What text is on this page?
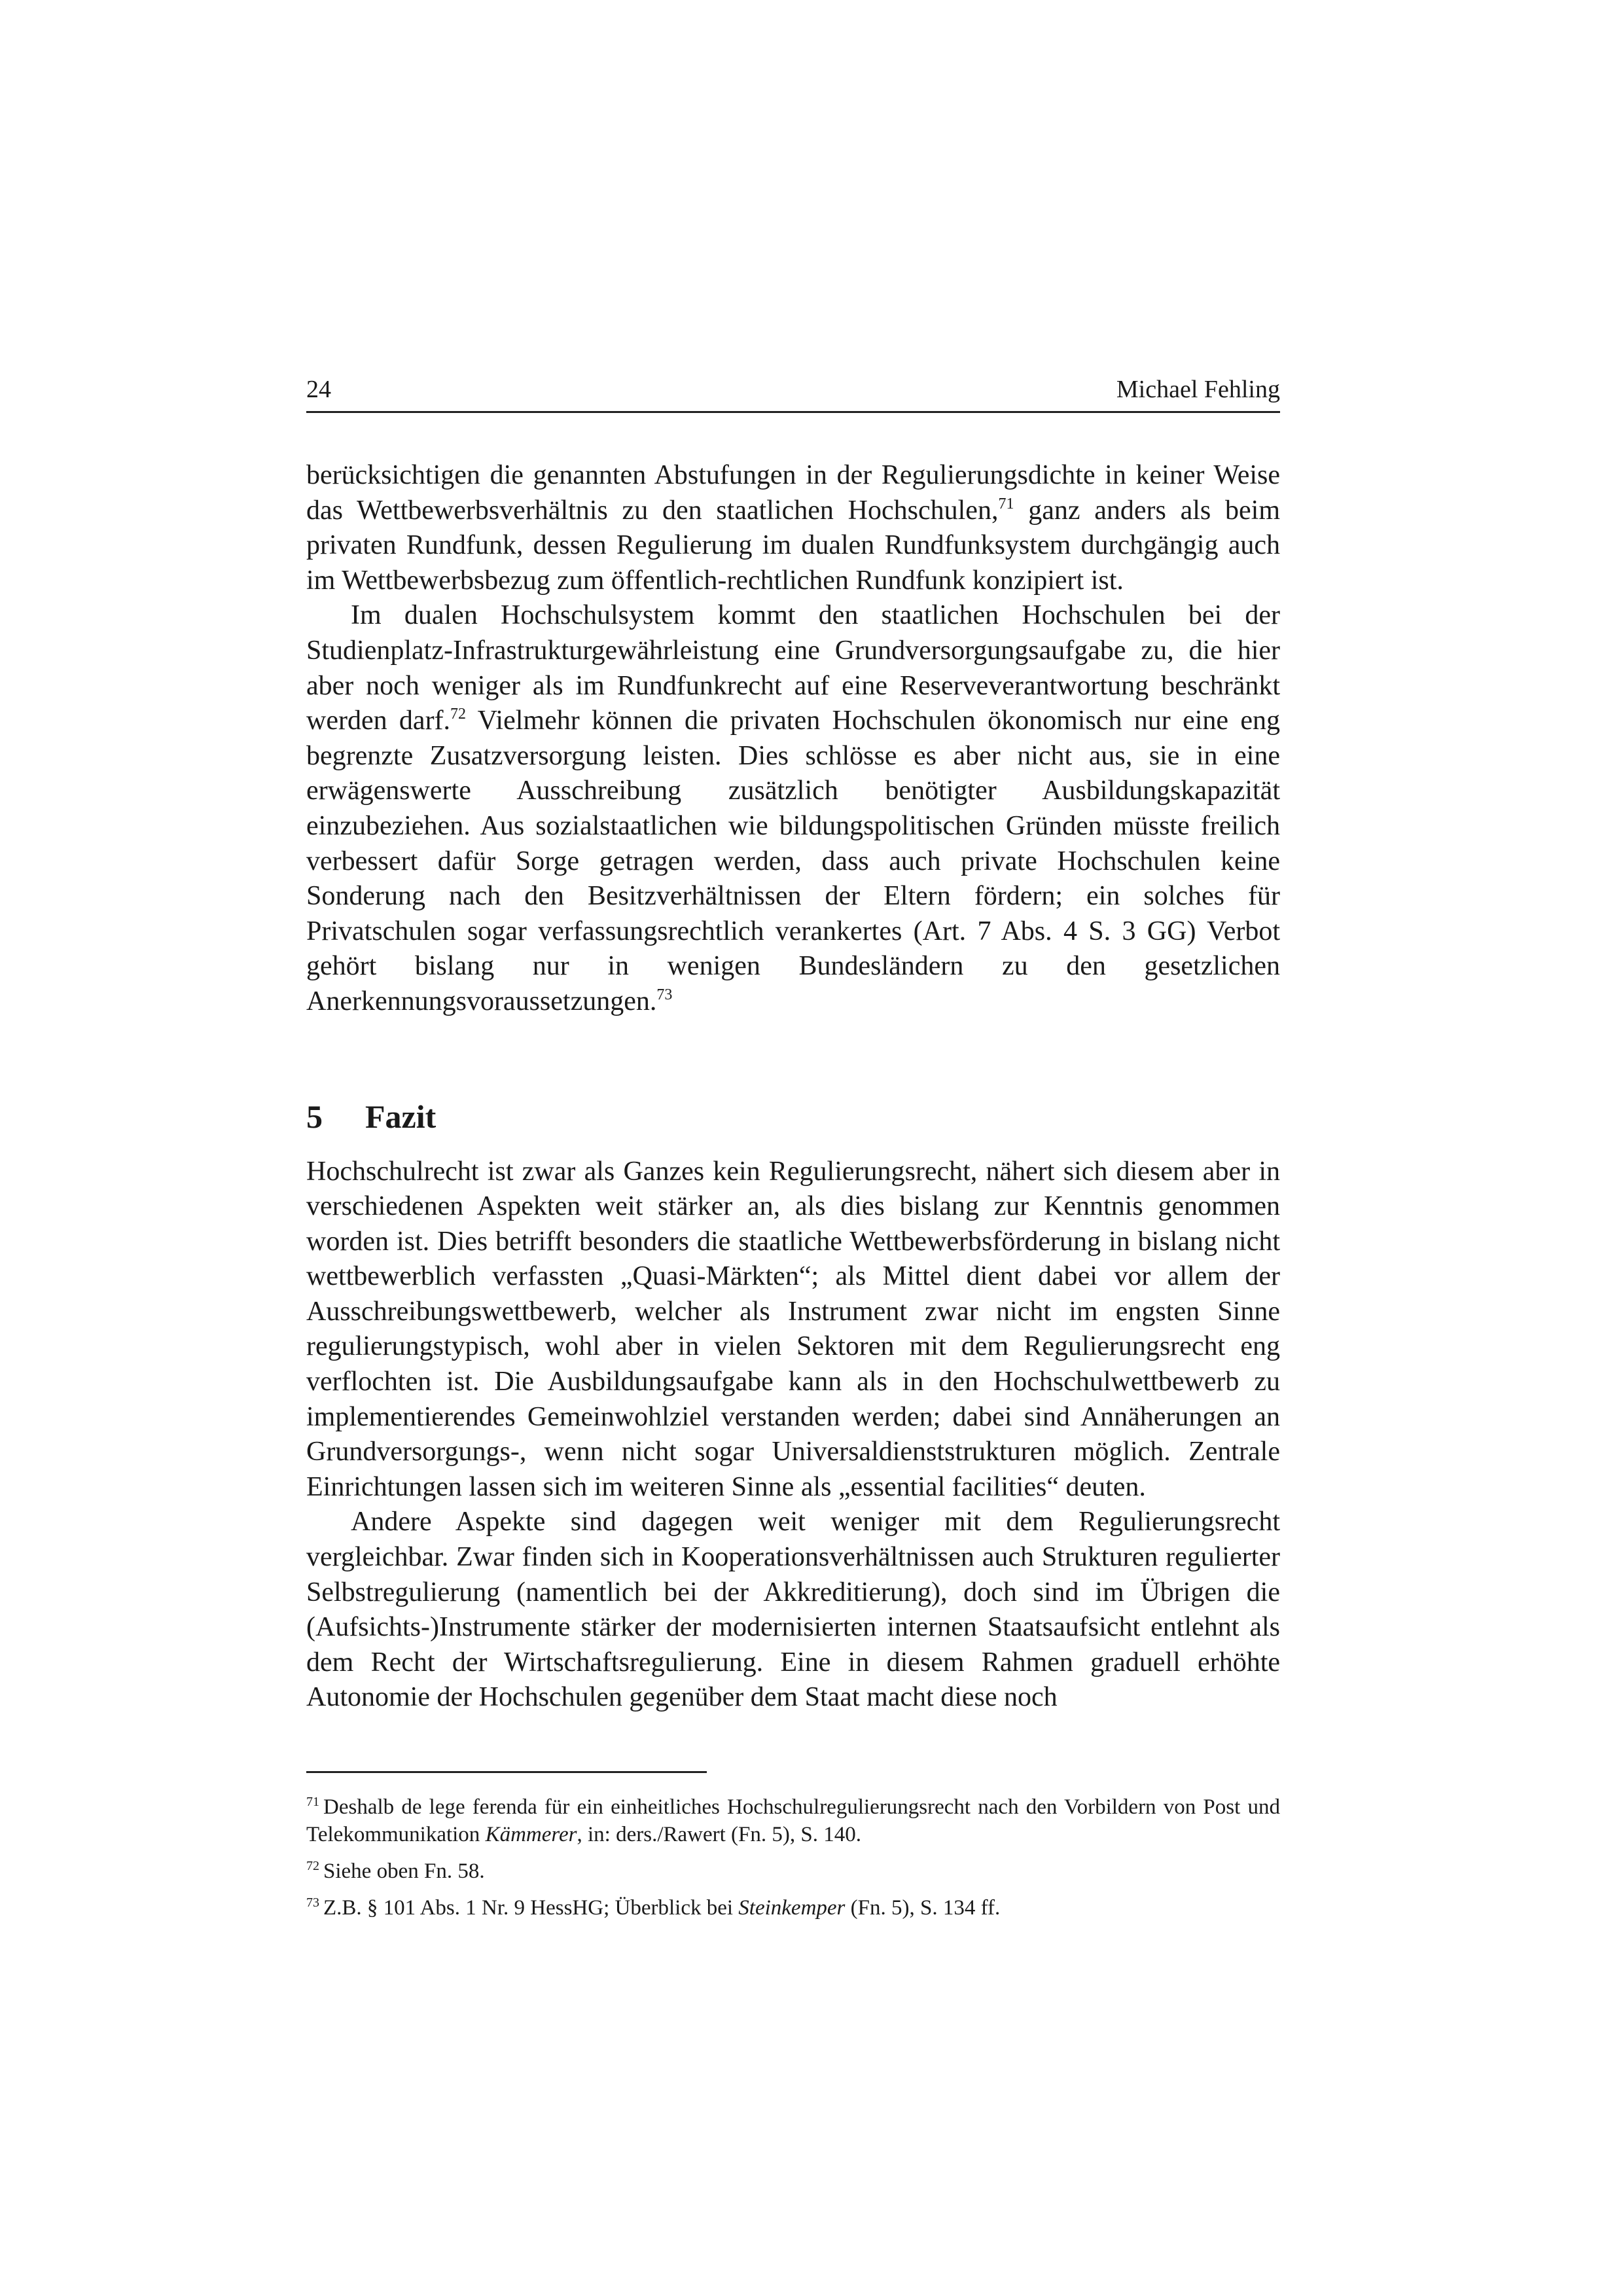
24	Michael Fehling

berücksichtigen die genannten Abstufungen in der Regulierungsdichte in keiner Weise das Wettbewerbsverhältnis zu den staatlichen Hochschulen,$^{71}$ ganz anders als beim privaten Rundfunk, dessen Regulierung im dualen Rundfunksystem durchgängig auch im Wettbewerbsbezug zum öffentlich-rechtlichen Rundfunk konzipiert ist.

Im dualen Hochschulsystem kommt den staatlichen Hochschulen bei der Studienplatz-Infrastrukturgewährleistung eine Grundversorgungsaufgabe zu, die hier aber noch weniger als im Rundfunkrecht auf eine Reserveverantwortung beschränkt werden darf.$^{72}$ Vielmehr können die privaten Hochschulen ökonomisch nur eine eng begrenzte Zusatzversorgung leisten. Dies schlösse es aber nicht aus, sie in eine erwägenswerte Ausschreibung zusätzlich benötigter Ausbildungskapazität einzubeziehen. Aus sozialstaatlichen wie bildungspolitischen Gründen müsste freilich verbessert dafür Sorge getragen werden, dass auch private Hochschulen keine Sonderung nach den Besitzverhältnissen der Eltern fördern; ein solches für Privatschulen sogar verfassungsrechtlich verankertes (Art. 7 Abs. 4 S. 3 GG) Verbot gehört bislang nur in wenigen Bundesländern zu den gesetzlichen Anerkennungsvoraussetzungen.$^{73}$

5 Fazit

Hochschulrecht ist zwar als Ganzes kein Regulierungsrecht, nähert sich diesem aber in verschiedenen Aspekten weit stärker an, als dies bislang zur Kenntnis genommen worden ist. Dies betrifft besonders die staatliche Wettbewerbsförderung in bislang nicht wettbewerblich verfassten „Quasi-Märkten“; als Mittel dient dabei vor allem der Ausschreibungswettbewerb, welcher als Instrument zwar nicht im engsten Sinne regulierungstypisch, wohl aber in vielen Sektoren mit dem Regulierungsrecht eng verflochten ist. Die Ausbildungsaufgabe kann als in den Hochschulwettbewerb zu implementierendes Gemeinwohlziel verstanden werden; dabei sind Annäherungen an Grundversorgungs-, wenn nicht sogar Universaldienststrukturen möglich. Zentrale Einrichtungen lassen sich im weiteren Sinne als „essential facilities“ deuten.

Andere Aspekte sind dagegen weit weniger mit dem Regulierungsrecht vergleichbar. Zwar finden sich in Kooperationsverhältnissen auch Strukturen regulierter Selbstregulierung (namentlich bei der Akkreditierung), doch sind im Übrigen die (Aufsichts-)Instrumente stärker der modernisierten internen Staatsaufsicht entlehnt als dem Recht der Wirtschaftsregulierung. Eine in diesem Rahmen graduell erhöhte Autonomie der Hochschulen gegenüber dem Staat macht diese noch

$^{71}$ Deshalb de lege ferenda für ein einheitliches Hochschulregulierungsrecht nach den Vorbildern von Post und Telekommunikation Kämmerer, in: ders./Rawert (Fn. 5), S. 140.

$^{72}$ Siehe oben Fn. 58.

$^{73}$ Z.B. § 101 Abs. 1 Nr. 9 HessHG; Überblick bei Steinkemper (Fn. 5), S. 134 ff.
